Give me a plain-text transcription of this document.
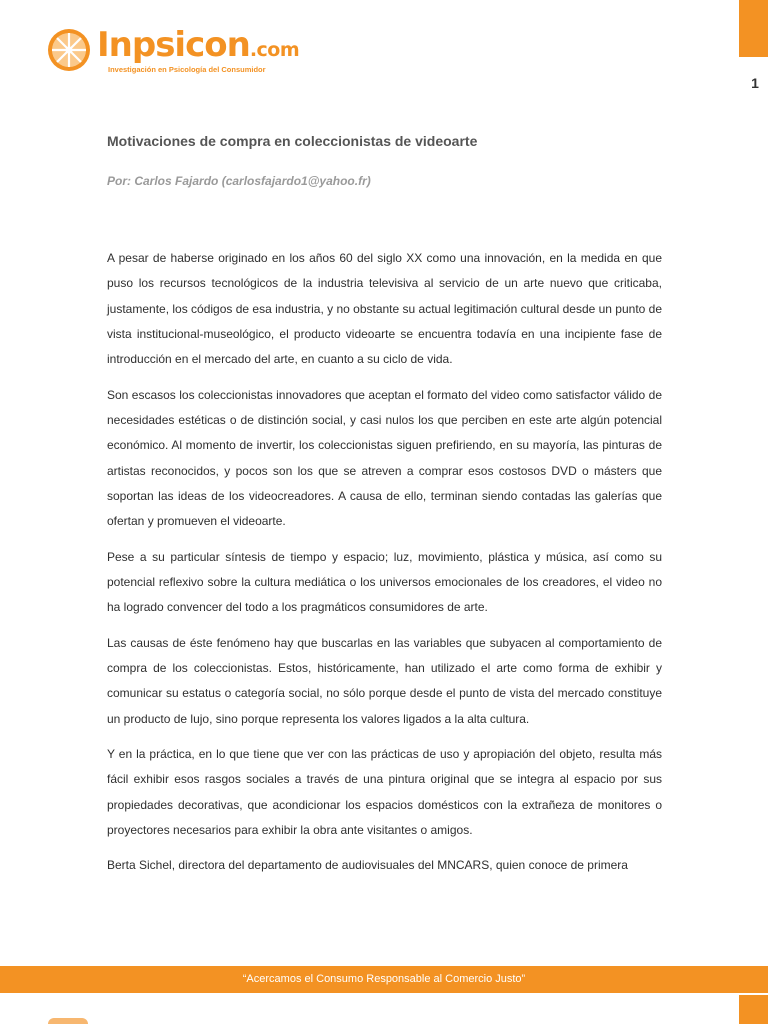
1
Inpsicon.com
Investigación en Psicología del Consumidor
Motivaciones de compra en coleccionistas de videoarte
Por: Carlos Fajardo (carlosfajardo1@yahoo.fr)

A pesar de haberse originado en los años 60 del siglo XX como una innovación, en la medida en que puso los recursos tecnológicos de la industria televisiva al servicio de un arte nuevo que criticaba, justamente, los códigos de esa industria, y no obstante su actual legitimación cultural desde un punto de vista institucional-museológico, el producto videoarte se encuentra todavía en una incipiente fase de introducción en el mercado del arte, en cuanto a su ciclo de vida.

Son escasos los coleccionistas innovadores que aceptan el formato del video como satisfactor válido de necesidades estéticas o de distinción social, y casi nulos los que perciben en este arte algún potencial económico. Al momento de invertir, los coleccionistas siguen prefiriendo, en su mayoría, las pinturas de artistas reconocidos, y pocos son los que se atreven a comprar esos costosos DVD o másters que soportan las ideas de los videocreadores. A causa de ello, terminan siendo contadas las galerías que ofertan y promueven el videoarte.

Pese a su particular síntesis de tiempo y espacio; luz, movimiento, plástica y música, así como su potencial reflexivo sobre la cultura mediática o los universos emocionales de los creadores, el video no ha logrado convencer del todo a los pragmáticos consumidores de arte.

Las causas de éste fenómeno hay que buscarlas en las variables que subyacen al comportamiento de compra de los coleccionistas. Estos, históricamente, han utilizado el arte como forma de exhibir y comunicar su estatus o categoría social, no sólo porque desde el punto de vista del mercado constituye un producto de lujo, sino porque representa los valores ligados a la alta cultura.

Y en la práctica, en lo que tiene que ver con las prácticas de uso y apropiación del objeto, resulta más fácil exhibir esos rasgos sociales a través de una pintura original que se integra al espacio por sus propiedades decorativas, que acondicionar los espacios domésticos con la extrañeza de monitores o proyectores necesarios para exhibir la obra ante visitantes o amigos.

Berta Sichel, directora del departamento de audiovisuales del MNCARS, quien conoce de primera

“Acercamos el Consumo Responsable al Comercio Justo”
